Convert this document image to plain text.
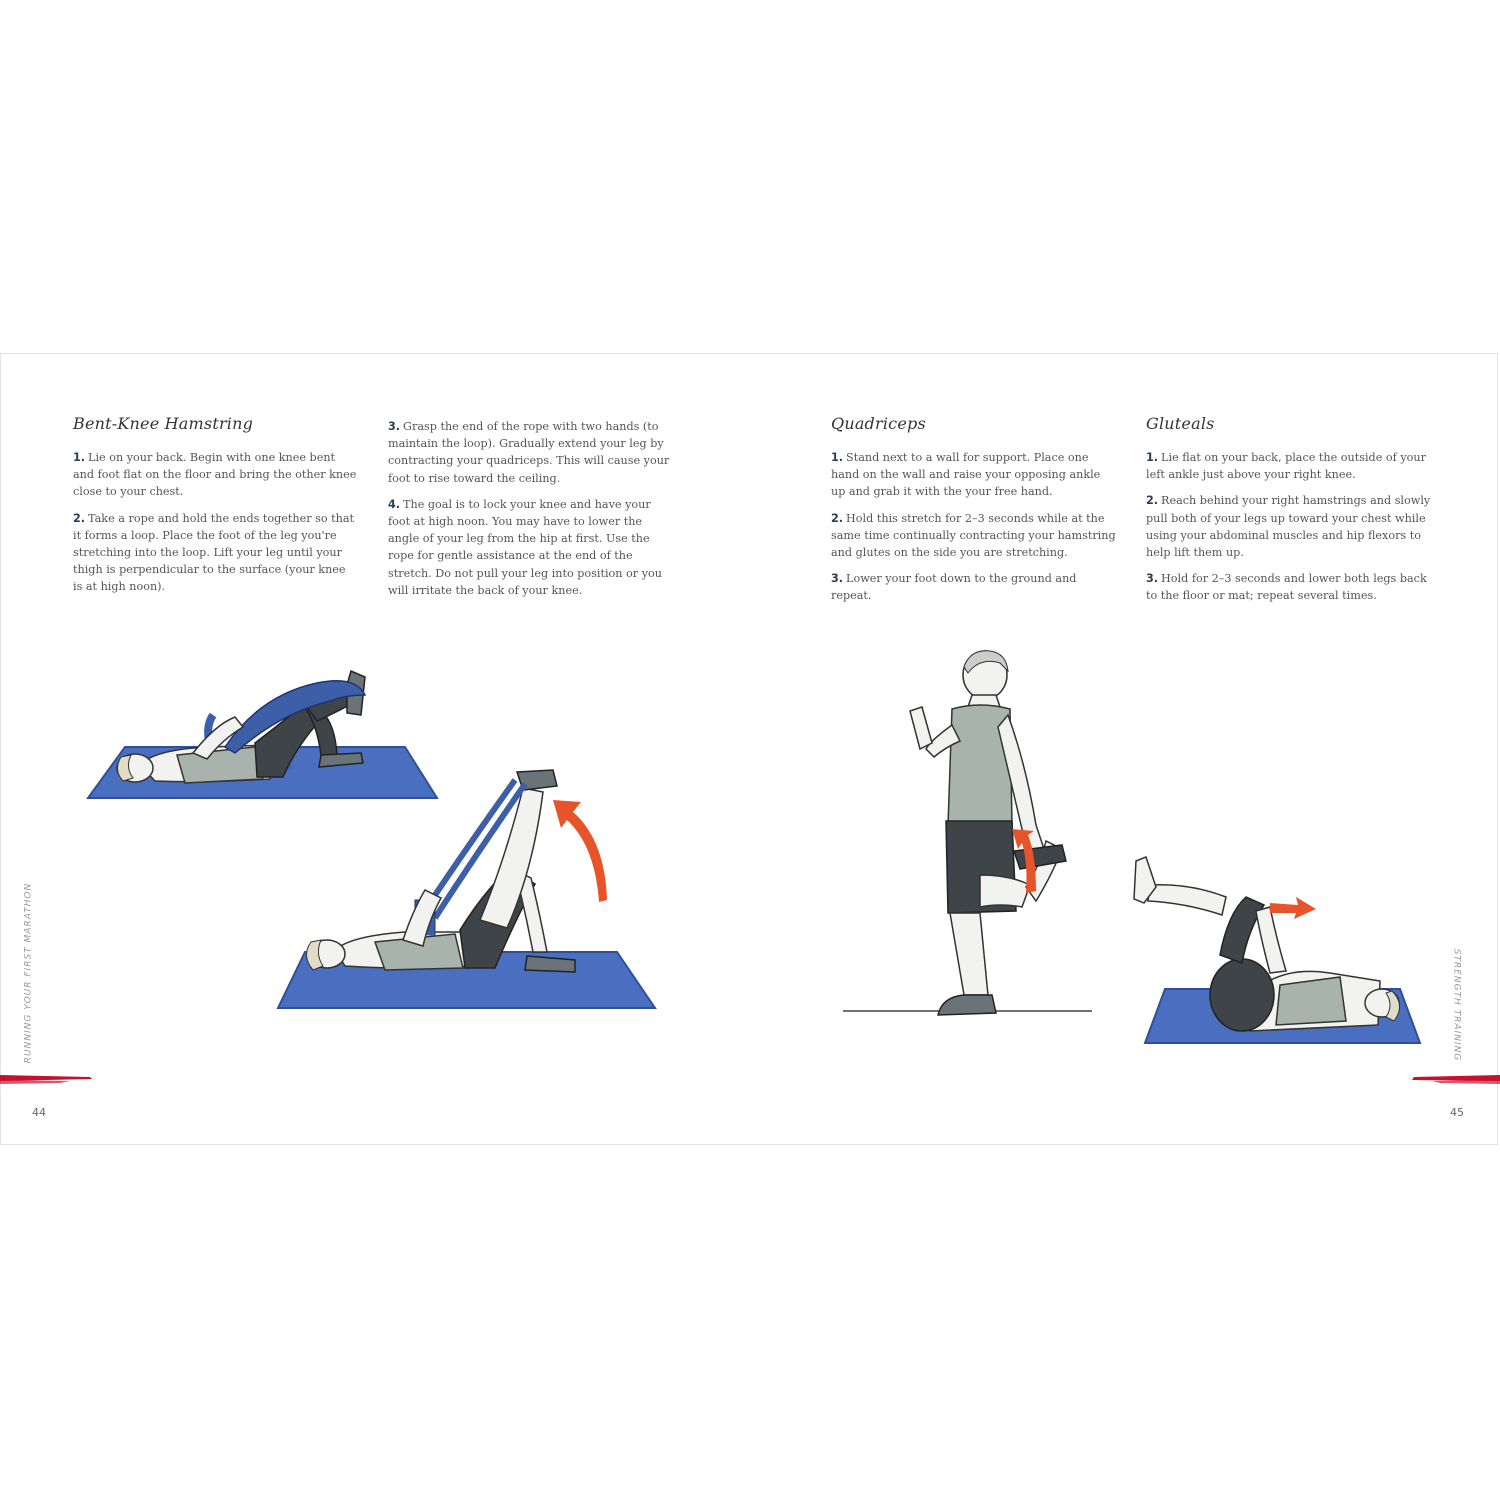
Bent-Knee Hamstring

1. Lie on your back. Begin with one knee bent and foot flat on the floor and bring the other knee close to your chest.

2. Take a rope and hold the ends together so that it forms a loop. Place the foot of the leg you're stretching into the loop. Lift your leg until your thigh is perpendicular to the surface (your knee is at high noon).

3. Grasp the end of the rope with two hands (to maintain the loop). Gradually extend your leg by contracting your quadriceps. This will cause your foot to rise toward the ceiling.

4. The goal is to lock your knee and have your foot at high noon. You may have to lower the angle of your leg from the hip at first. Use the rope for gentle assistance at the end of the stretch. Do not pull your leg into position or you will irritate the back of your knee.

Quadriceps

1. Stand next to a wall for support. Place one hand on the wall and raise your opposing ankle up and grab it with the your free hand.

2. Hold this stretch for 2–3 seconds while at the same time continually contracting your hamstring and glutes on the side you are stretching.

3. Lower your foot down to the ground and repeat.

Gluteals

1. Lie flat on your back, place the outside of your left ankle just above your right knee.

2. Reach behind your right hamstrings and slowly pull both of your legs up toward your chest while using your abdominal muscles and hip flexors to help lift them up.

3. Hold for 2–3 seconds and lower both legs back to the floor or mat; repeat several times.

RUNNING YOUR FIRST MARATHON	STRENGTH TRAINING
44	45
